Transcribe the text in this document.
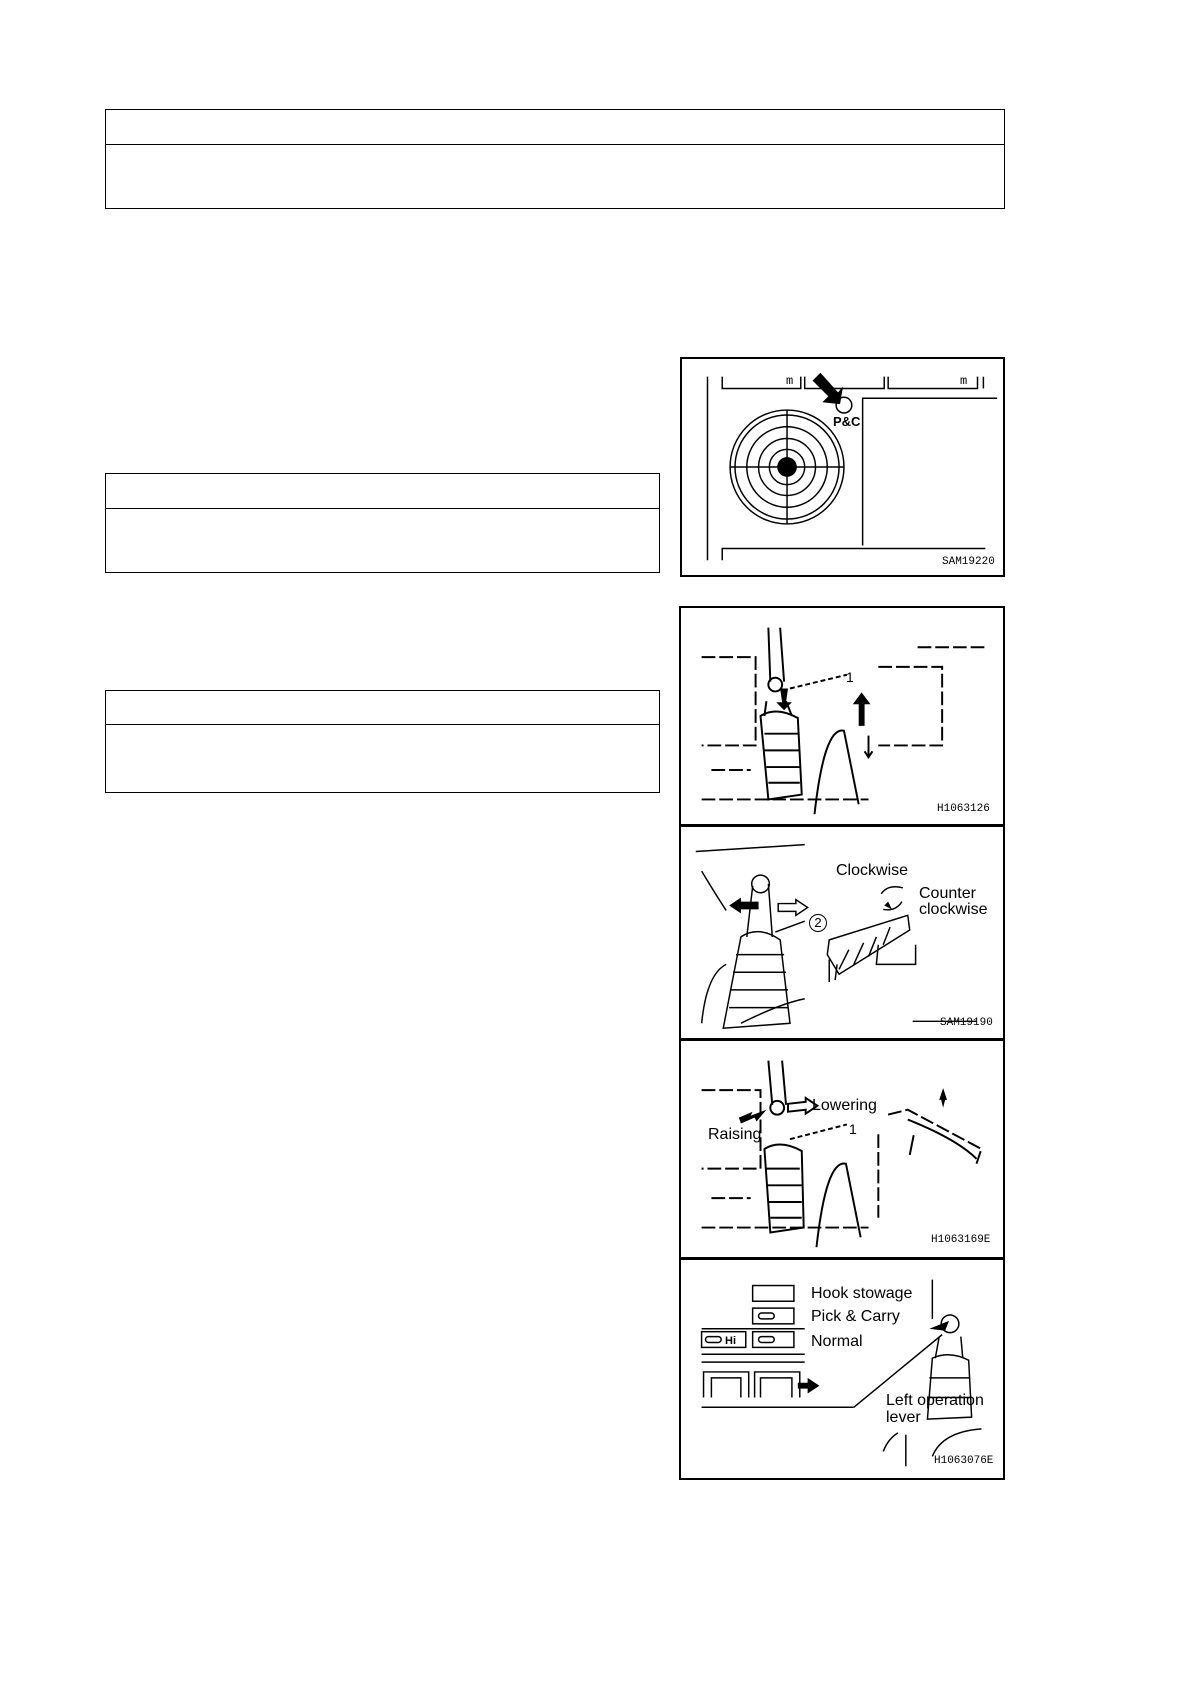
SAM19220
P&C
m	m
1
H1063126
Clockwise
Counter
clockwise
2
SAM19190
Lowering
Raising	1
H1063169E
Hook stowage
Pick & Carry
Normal
Hi
Left operation
lever
H1063076E
